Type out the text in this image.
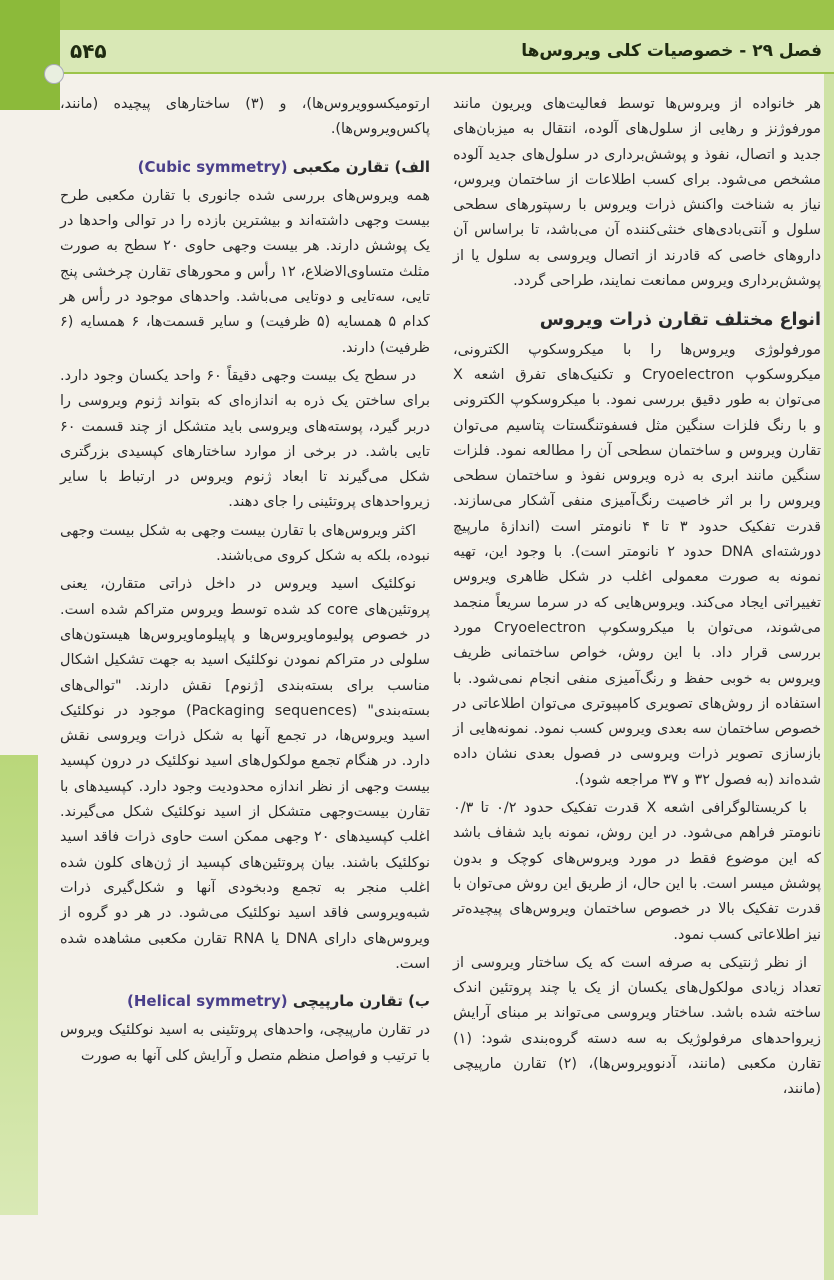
فصل ۲۹ - خصوصیات کلی ویروس‌ها
۵۴۵

هر خانواده از ویروس‌ها توسط فعالیت‌های ویریون مانند مورفوژنز و رهایی از سلول‌های آلوده، انتقال به میزبان‌های جدید و اتصال، نفوذ و پوشش‌برداری در سلول‌های جدید آلوده مشخص می‌شود. برای کسب اطلاعات از ساختمان ویروس، نیاز به شناخت واکنش ذرات ویروس با رسپتورهای سطحی سلول و آنتی‌بادی‌های خنثی‌کننده آن می‌باشد، تا براساس آن داروهای خاصی که قادرند از اتصال ویروسی به سلول یا از پوشش‌برداری ویروس ممانعت نمایند، طراحی گردد.

انواع مختلف تقارن ذرات ویروس

مورفولوژی ویروس‌ها را با میکروسکوپ الکترونی، میکروسکوپ Cryoelectron و تکنیک‌های تفرق اشعه X می‌توان به طور دقیق بررسی نمود. با میکروسکوپ الکترونی و با رنگ فلزات سنگین مثل فسفوتنگستات پتاسیم می‌توان تقارن ویروس و ساختمان سطحی آن را مطالعه نمود. فلزات سنگین مانند ابری به ذره ویروس نفوذ و ساختمان سطحی ویروس را بر اثر خاصیت رنگ‌آمیزی منفی آشکار می‌سازند. قدرت تفکیک حدود ۳ تا ۴ نانومتر است (اندازهٔ مارپیچ دورشته‌ای DNA حدود ۲ نانومتر است). با وجود این، تهیه نمونه به صورت معمولی اغلب در شکل ظاهری ویروس تغییراتی ایجاد می‌کند. ویروس‌هایی که در سرما سریعاً منجمد می‌شوند، می‌توان با میکروسکوپ Cryoelectron مورد بررسی قرار داد. با این روش، خواص ساختمانی ظریف ویروس به خوبی حفظ و رنگ‌آمیزی منفی انجام نمی‌شود. با استفاده از روش‌های تصویری کامپیوتری می‌توان اطلاعاتی در خصوص ساختمان سه بعدی ویروس کسب نمود. نمونه‌هایی از بازسازی تصویر ذرات ویروسی در فصول بعدی نشان داده شده‌اند (به فصول ۳۲ و ۳۷ مراجعه شود).

با کریستالوگرافی اشعه X قدرت تفکیک حدود ۰/۲ تا ۰/۳ نانومتر فراهم می‌شود. در این روش، نمونه باید شفاف باشد که این موضوع فقط در مورد ویروس‌های کوچک و بدون پوشش میسر است. با این حال، از طریق این روش می‌توان با قدرت تفکیک بالا در خصوص ساختمان ویروس‌های پیچیده‌تر نیز اطلاعاتی کسب نمود.

از نظر ژنتیکی به صرفه است که یک ساختار ویروسی از تعداد زیادی مولکول‌های یکسان از یک یا چند پروتئین اندک ساخته شده باشد. ساختار ویروسی می‌تواند بر مبنای آرایش زیرواحدهای مرفولوژیک به سه دسته گروه‌بندی شود: (۱) تقارن مکعبی (مانند، آدنوویروس‌ها)، (۲) تقارن مارپیچی (مانند،

ارتومیکسوویروس‌ها)، و (۳) ساختارهای پیچیده (مانند، پاکس‌ویروس‌ها).

الف) تقارن مکعبی (Cubic symmetry)

همه ویروس‌های بررسی شده جانوری با تقارن مکعبی طرح بیست وجهی داشته‌اند و بیشترین بازده را در توالی واحدها در یک پوشش دارند. هر بیست وجهی حاوی ۲۰ سطح به صورت مثلث متساوی‌الاضلاع، ۱۲ رأس و محورهای تقارن چرخشی پنج تایی، سه‌تایی و دوتایی می‌باشد. واحدهای موجود در رأس هر کدام ۵ همسایه (۵ ظرفیت) و سایر قسمت‌ها، ۶ همسایه (۶ ظرفیت) دارند.

در سطح یک بیست وجهی دقیقاً ۶۰ واحد یکسان وجود دارد. برای ساختن یک ذره به اندازه‌ای که بتواند ژنوم ویروسی را دربر گیرد، پوسته‌های ویروسی باید متشکل از چند قسمت ۶۰ تایی باشد. در برخی از موارد ساختارهای کپسیدی بزرگتری شکل می‌گیرند تا ابعاد ژنوم ویروس در ارتباط با سایر زیرواحدهای پروتئینی را جای دهند.

اکثر ویروس‌های با تقارن بیست وجهی به شکل بیست وجهی نبوده، بلکه به شکل کروی می‌باشند.

نوکلئیک اسید ویروس در داخل ذراتی متقارن، یعنی پروتئین‌های core کد شده توسط ویروس متراکم شده است. در خصوص پولیوماویروس‌ها و پاپیلوماویروس‌ها هیستون‌های سلولی در متراکم نمودن نوکلئیک اسید به جهت تشکیل اشکال مناسب برای بسته‌بندی [ژنوم] نقش دارند. "توالی‌های بسته‌بندی" (Packaging sequences) موجود در نوکلئیک اسید ویروس‌ها، در تجمع آنها به شکل ذرات ویروسی نقش دارد. در هنگام تجمع مولکول‌های اسید نوکلئیک در درون کپسید بیست وجهی از نظر اندازه محدودیت وجود دارد. کپسیدهای با تقارن بیست‌وجهی متشکل از اسید نوکلئیک شکل می‌گیرند. اغلب کپسیدهای ۲۰ وجهی ممکن است حاوی ذرات فاقد اسید نوکلئیک باشند. بیان پروتئین‌های کپسید از ژن‌های کلون شده اغلب منجر به تجمع ودبخودی آنها و شکل‌گیری ذرات شبه‌ویروسی فاقد اسید نوکلئیک می‌شود. در هر دو گروه از ویروس‌های دارای DNA یا RNA تقارن مکعبی مشاهده شده است.

ب) تقارن مارپیچی (Helical symmetry)

در تقارن مارپیچی، واحدهای پروتئینی به اسید نوکلئیک ویروس با ترتیب و فواصل منظم متصل و آرایش کلی آنها به صورت
